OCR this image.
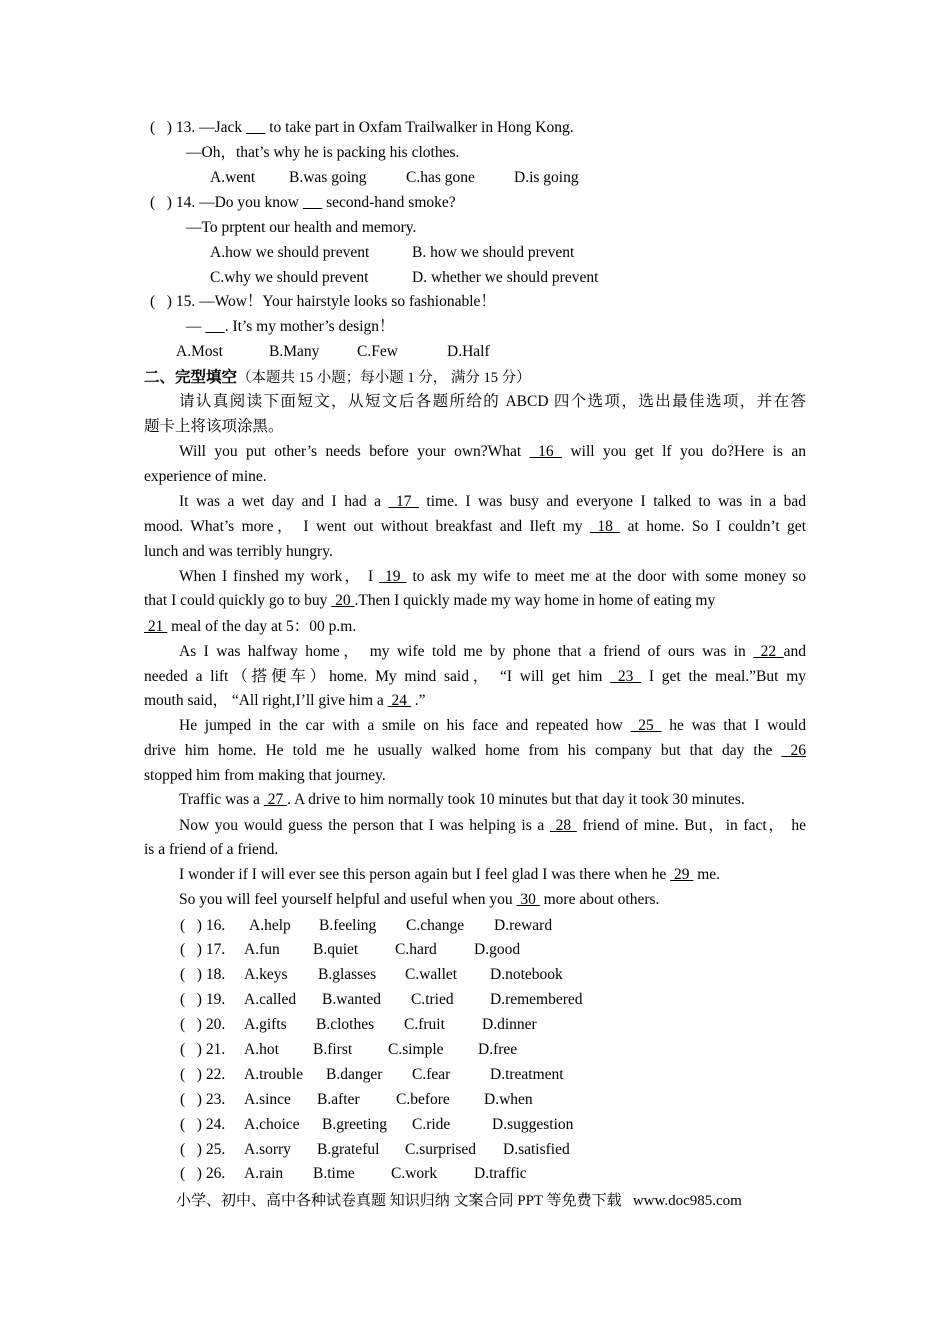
(   ) 13. —Jack       to take part in Oxfam Trailwalker in Hong Kong.
—Oh，that’s why he is packing his clothes.
A.went B.was going	C.has gone	D.is going
(   ) 14. —Do you know       second-hand smoke?
—To prptent our health and memory.
A.how we should prevent	B. how we should prevent
C.why we should prevent	D. whether we should prevent
(   ) 15. —Wow！Your hairstyle looks so fashionable！
—      . It’s my mother’s design！
A.Most	B.Many C.Few	D.Half
二、完型填空（本题共 15 小题；每小题 1 分， 满分 15 分）
请认真阅读下面短文，从短文后各题所给的 ABCD 四个选项，选出最佳选项，并在答
题卡上将该项涂黑。
Will you put other’s needs before your own?What  16  will you get lf you do?Here is an
experience of mine.
It was a wet day and I had a  17  time. I was busy and everyone I talked to was in a bad
mood. What’s more， I went out without breakfast and Ileft my  18  at home. So I couldn’t get
lunch and was terribly hungry.
When I finshed my work， I  19  to ask my wife to meet me at the door with some money so
that I could quickly go to buy  20 .Then I quickly made my way home in home of eating my
21  meal of the day at 5：00 p.m.
As I was halfway home， my wife told me by phone that a friend of ours was in  22 and
needed a lift（搭便车）home. My mind said， “I will get him  23  I get the meal.”But my
mouth said， “All right,I’ll give him a  24  .”
He jumped in the car with a smile on his face and repeated how  25  he was that I would
drive him home. He told me he usually walked home from his company but that day the  26
stopped him from making that journey.
Traffic was a  27 . A drive to him normally took 10 minutes but that day it took 30 minutes.
Now you would guess the person that I was helping is a  28  friend of mine. But，in fact， he
is a friend of a friend.
I wonder if I will ever see this person again but I feel glad I was there when he  29  me.
So you will feel yourself helpful and useful when you  30  more about others.
(   ) 16. A.help B.feeling C.change D.reward
(   ) 17. A.fun B.quiet C.hard D.good
(   ) 18. A.keys B.glasses C.wallet D.notebook
(   ) 19. A.called B.wanted C.tried D.remembered
(   ) 20. A.gifts B.clothes C.fruit D.dinner
(   ) 21. A.hot B.first C.simple D.free
(   ) 22. A.trouble B.danger C.fear	D.treatment
(   ) 23. A.since B.after C.before D.when
(   ) 24. A.choice B.greeting C.ride	D.suggestion
(   ) 25. A.sorry B.grateful C.surprised D.satisfied
(   ) 26. A.rain B.time C.work D.traffic
小学、初中、高中各种试卷真题 知识归纳 文案合同 PPT 等免费下载   www.doc985.com
